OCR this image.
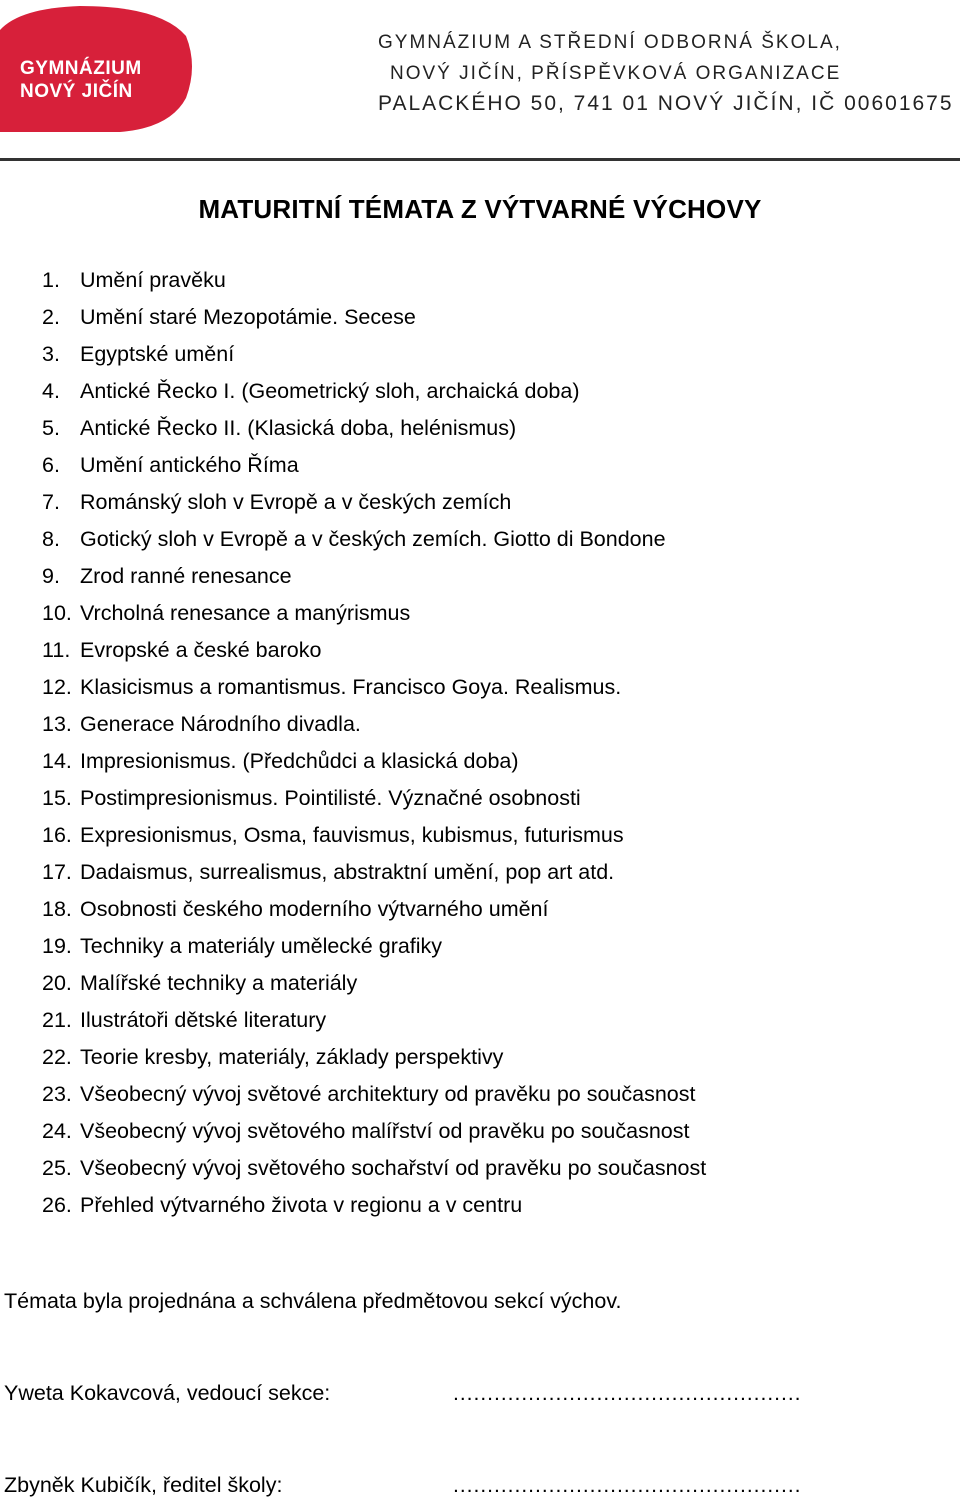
GYMNÁZIUM
NOVÝ JIČÍN
GYMNÁZIUM A STŘEDNÍ ODBORNÁ ŠKOLA,
NOVÝ JIČÍN, PŘÍSPĚVKOVÁ ORGANIZACE
PALACKÉHO 50, 741 01 NOVÝ JIČÍN, IČ 00601675
MATURITNÍ TÉMATA Z VÝTVARNÉ VÝCHOVY
1. Umění pravěku
2. Umění staré Mezopotámie. Secese
3. Egyptské umění
4. Antické Řecko I. (Geometrický sloh, archaická doba)
5. Antické Řecko II. (Klasická doba, helénismus)
6. Umění antického Říma
7. Románský sloh v Evropě a v českých zemích
8. Gotický sloh v Evropě a v českých zemích. Giotto di Bondone
9. Zrod ranné renesance
10. Vrcholná renesance a manýrismus
11. Evropské a české baroko
12. Klasicismus a romantismus. Francisco Goya. Realismus.
13. Generace Národního divadla.
14. Impresionismus. (Předchůdci a klasická doba)
15. Postimpresionismus. Pointilisté. Význačné osobnosti
16. Expresionismus, Osma, fauvismus, kubismus, futurismus
17. Dadaismus, surrealismus, abstraktní umění, pop art atd.
18. Osobnosti českého moderního výtvarného umění
19. Techniky a materiály umělecké grafiky
20. Malířské techniky a materiály
21. Ilustrátoři dětské literatury
22. Teorie kresby, materiály, základy perspektivy
23. Všeobecný vývoj světové architektury od pravěku po současnost
24. Všeobecný vývoj světového malířství od pravěku po současnost
25. Všeobecný vývoj světového sochařství od pravěku po současnost
26. Přehled výtvarného života v regionu a v centru
Témata byla projednána a schválena předmětovou sekcí výchov.
Yweta Kokavcová, vedoucí sekce:	……………………………………………
Zbyněk Kubičík, ředitel školy:	……………………………………………
